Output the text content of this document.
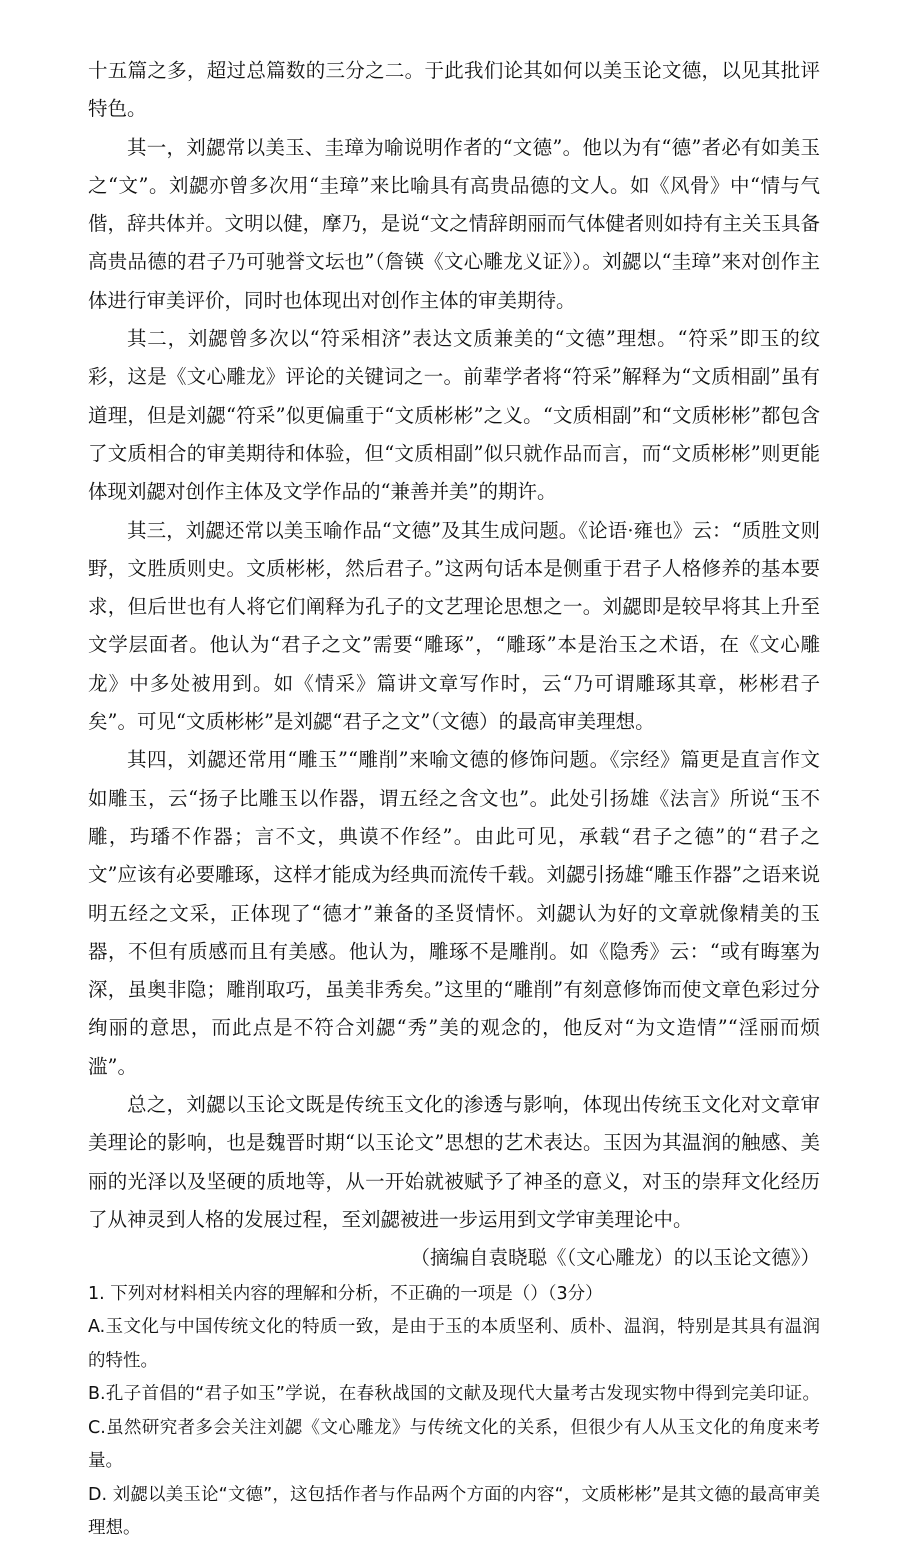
十五篇之多，超过总篇数的三分之二。于此我们论其如何以美玉论文德，以见其批评特色。

其一，刘勰常以美玉、圭璋为喻说明作者的“文德”。他以为有“德”者必有如美玉之“文”。刘勰亦曾多次用“圭璋”来比喻具有高贵品德的文人。如《风骨》中“情与气偕，辞共体并。文明以健，摩乃，是说“文之情辞朗丽而气体健者则如持有主关玉具备高贵品德的君子乃可驰誉文坛也”（詹锳《文心雕龙义证》）。刘勰以“圭璋”来对创作主体进行审美评价，同时也体现出对创作主体的审美期待。

其二，刘勰曾多次以“符采相济”表达文质兼美的“文德”理想。“符采”即玉的纹彩，这是《文心雕龙》评论的关键词之一。前辈学者将“符采”解释为“文质相副”虽有道理，但是刘勰“符采”似更偏重于“文质彬彬”之义。“文质相副”和“文质彬彬”都包含了文质相合的审美期待和体验，但“文质相副”似只就作品而言，而“文质彬彬”则更能体现刘勰对创作主体及文学作品的“兼善并美”的期许。

其三，刘勰还常以美玉喻作品“文德”及其生成问题。《论语·雍也》云：“质胜文则野，文胜质则史。文质彬彬，然后君子。”这两句话本是侧重于君子人格修养的基本要求，但后世也有人将它们阐释为孔子的文艺理论思想之一。刘勰即是较早将其上升至文学层面者。他认为“君子之文”需要“雕琢”，“雕琢”本是治玉之术语，在《文心雕龙》中多处被用到。如《情采》篇讲文章写作时，云“乃可谓雕琢其章，彬彬君子矣”。可见“文质彬彬”是刘勰“君子之文”（文德）的最高审美理想。

其四，刘勰还常用“雕玉”“雕削”来喻文德的修饰问题。《宗经》篇更是直言作文如雕玉，云“扬子比雕玉以作器，谓五经之含文也”。此处引扬雄《法言》所说“玉不雕，玙璠不作器；言不文，典谟不作经”。由此可见，承载“君子之德”的“君子之文”应该有必要雕琢，这样才能成为经典而流传千载。刘勰引扬雄“雕玉作器”之语来说明五经之文采，正体现了“德才”兼备的圣贤情怀。刘勰认为好的文章就像精美的玉器，不但有质感而且有美感。他认为，雕琢不是雕削。如《隐秀》云：“或有晦塞为深，虽奥非隐；雕削取巧，虽美非秀矣。”这里的“雕削”有刻意修饰而使文章色彩过分绚丽的意思，而此点是不符合刘勰“秀”美的观念的，他反对“为文造情”“淫丽而烦滥”。

总之，刘勰以玉论文既是传统玉文化的渗透与影响，体现出传统玉文化对文章审美理论的影响，也是魏晋时期“以玉论文”思想的艺术表达。玉因为其温润的触感、美丽的光泽以及坚硬的质地等，从一开始就被赋予了神圣的意义，对玉的崇拜文化经历了从神灵到人格的发展过程，至刘勰被进一步运用到文学审美理论中。

（摘编自袁晓聪《（文心雕龙）的以玉论文德》）

1. 下列对材料相关内容的理解和分析，不正确的一项是（）（3分）

A.玉文化与中国传统文化的特质一致，是由于玉的本质坚利、质朴、温润，特别是其具有温润的特性。

B.孔子首倡的“君子如玉”学说，在春秋战国的文献及现代大量考古发现实物中得到完美印证。C.虽然研究者多会关注刘勰《文心雕龙》与传统文化的关系，但很少有人从玉文化的角度来考量。

D. 刘勰以美玉论“文德”，这包括作者与作品两个方面的内容“，文质彬彬”是其文德的最高审美理想。
